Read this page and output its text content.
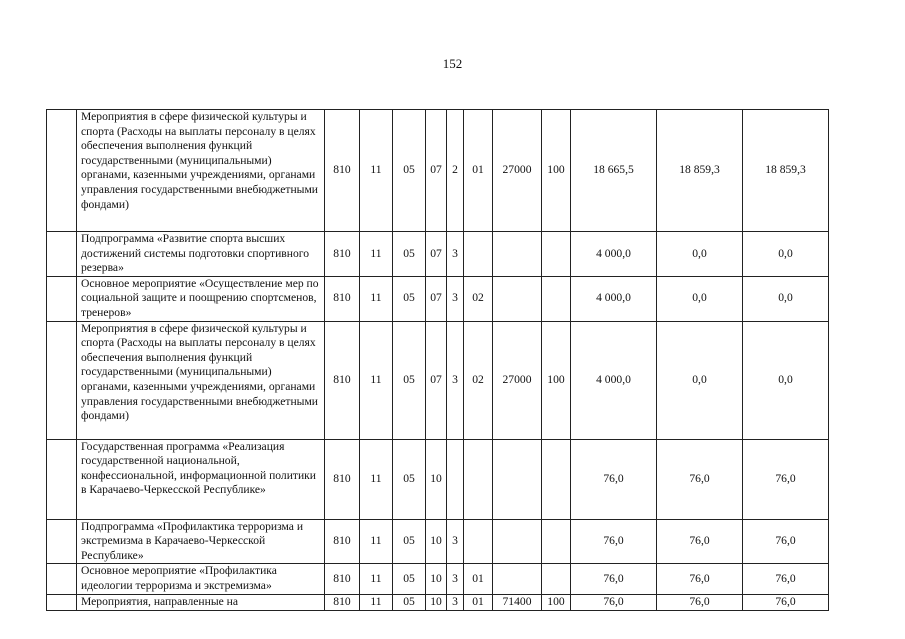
152
	Мероприятия в сфере физической культуры и спорта (Расходы на выплаты персоналу в целях обеспечения выполнения функций государственными (муниципальными) органами, казенными учреждениями, органами управления государственными внебюджетными фондами)	810	11	05	07	2	01	27000	100	18 665,5	18 859,3	18 859,3
	Подпрограмма «Развитие спорта высших достижений системы подготовки спортивного резерва»	810	11	05	07	3				4 000,0	0,0	0,0
	Основное мероприятие «Осуществление мер по социальной защите и поощрению спортсменов, тренеров»	810	11	05	07	3	02			4 000,0	0,0	0,0
	Мероприятия в сфере физической культуры и спорта (Расходы на выплаты персоналу в целях обеспечения выполнения функций государственными (муниципальными) органами, казенными учреждениями, органами управления государственными внебюджетными фондами)	810	11	05	07	3	02	27000	100	4 000,0	0,0	0,0
	Государственная программа «Реализация государственной национальной, конфессиональной, информационной политики в Карачаево-Черкесской Республике»	810	11	05	10					76,0	76,0	76,0
	Подпрограмма «Профилактика терроризма и экстремизма в Карачаево-Черкесской Республике»	810	11	05	10	3				76,0	76,0	76,0
	Основное мероприятие «Профилактика идеологии терроризма и экстремизма»	810	11	05	10	3	01			76,0	76,0	76,0
	Мероприятия, направленные на	810	11	05	10	3	01	71400	100	76,0	76,0	76,0
